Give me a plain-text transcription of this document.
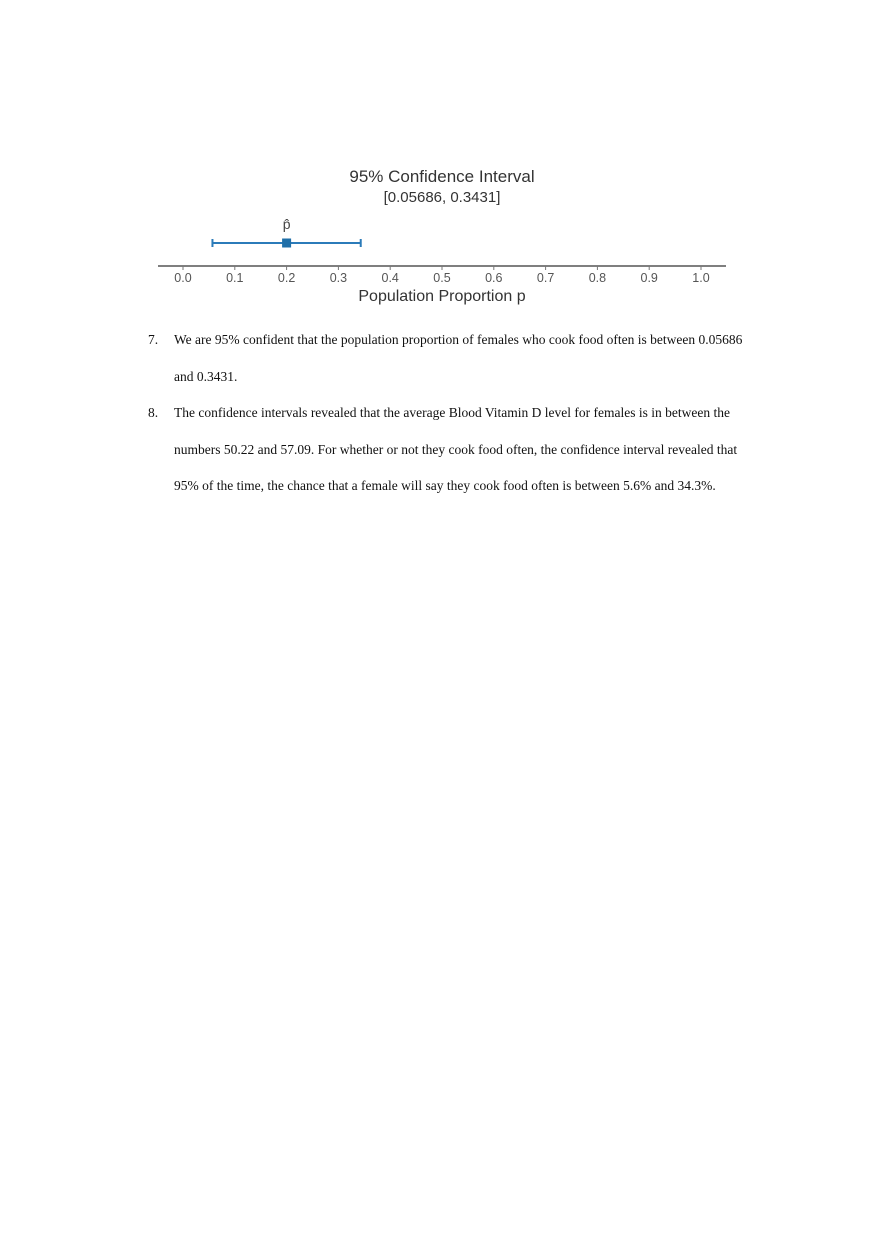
95% Confidence Interval
[0.05686, 0.3431]
0.0	0.1	0.2	0.3	0.4	0.5	0.6	0.7	0.8	0.9	1.0
p̂
Population Proportion p
7. We are 95% confident that the population proportion of females who cook food often is between 0.05686 and 0.3431.
8. The confidence intervals revealed that the average Blood Vitamin D level for females is in between the numbers 50.22 and 57.09. For whether or not they cook food often, the confidence interval revealed that 95% of the time, the chance that a female will say they cook food often is between 5.6% and 34.3%.
